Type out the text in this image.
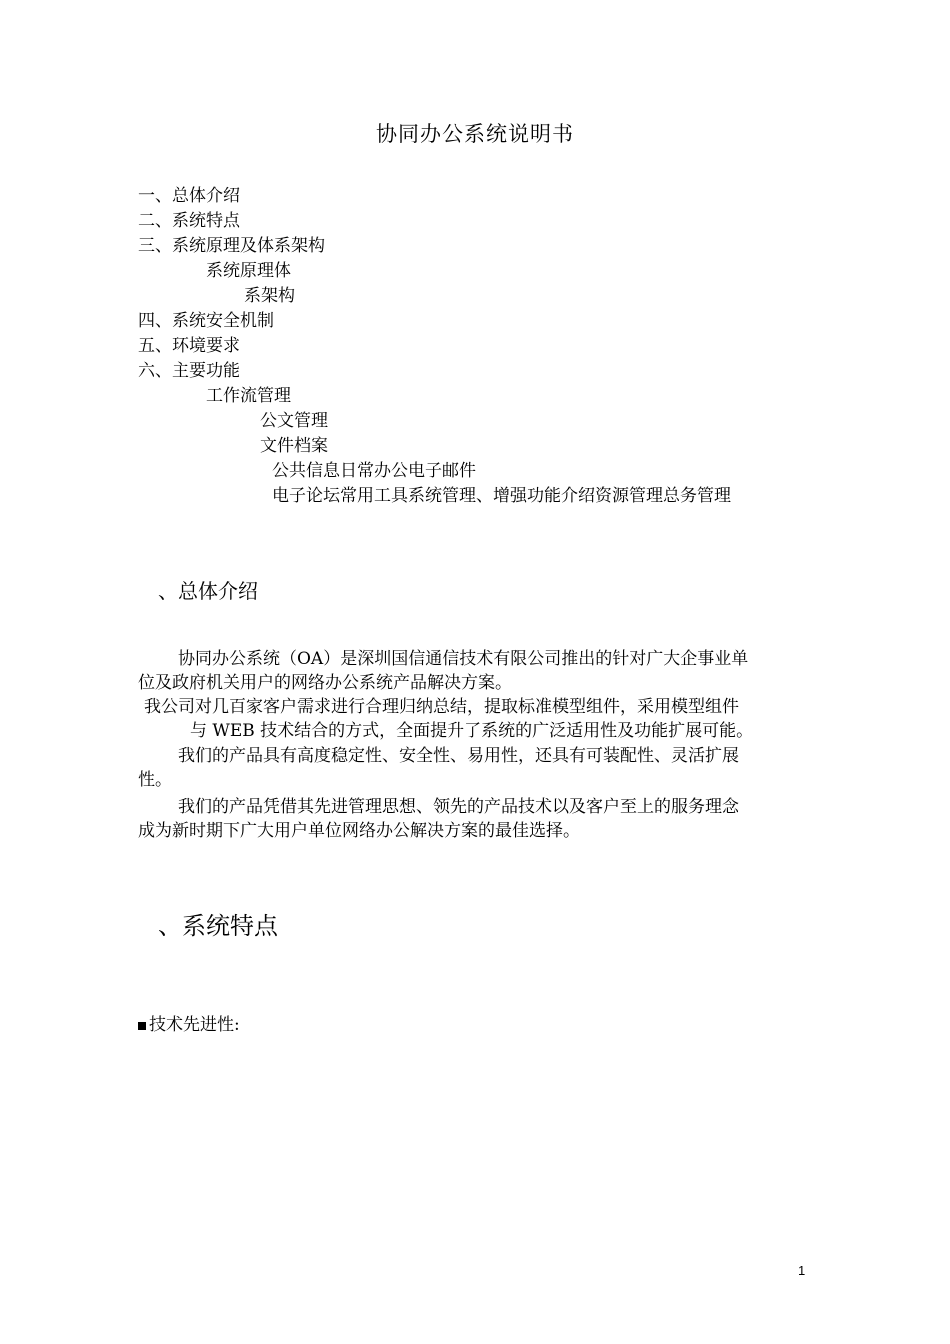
协同办公系统说明书
一、总体介绍
二、系统特点
三、系统原理及体系架构
系统原理体
系架构
四、系统安全机制
五、环境要求
六、主要功能
工作流管理
公文管理
文件档案
公共信息日常办公电子邮件
电子论坛常用工具系统管理、增强功能介绍资源管理总务管理
、总体介绍
协同办公系统（OA）是深圳国信通信技术有限公司推出的针对广大企事业单
位及政府机关用户的网络办公系统产品解决方案。
我公司对几百家客户需求进行合理归纳总结，提取标准模型组件，采用模型组件
与 WEB 技术结合的方式，全面提升了系统的广泛适用性及功能扩展可能。
我们的产品具有高度稳定性、安全性、易用性，还具有可装配性、灵活扩展
性。
我们的产品凭借其先进管理思想、领先的产品技术以及客户至上的服务理念
成为新时期下广大用户单位网络办公解决方案的最佳选择。
、系统特点
技术先进性:
1
